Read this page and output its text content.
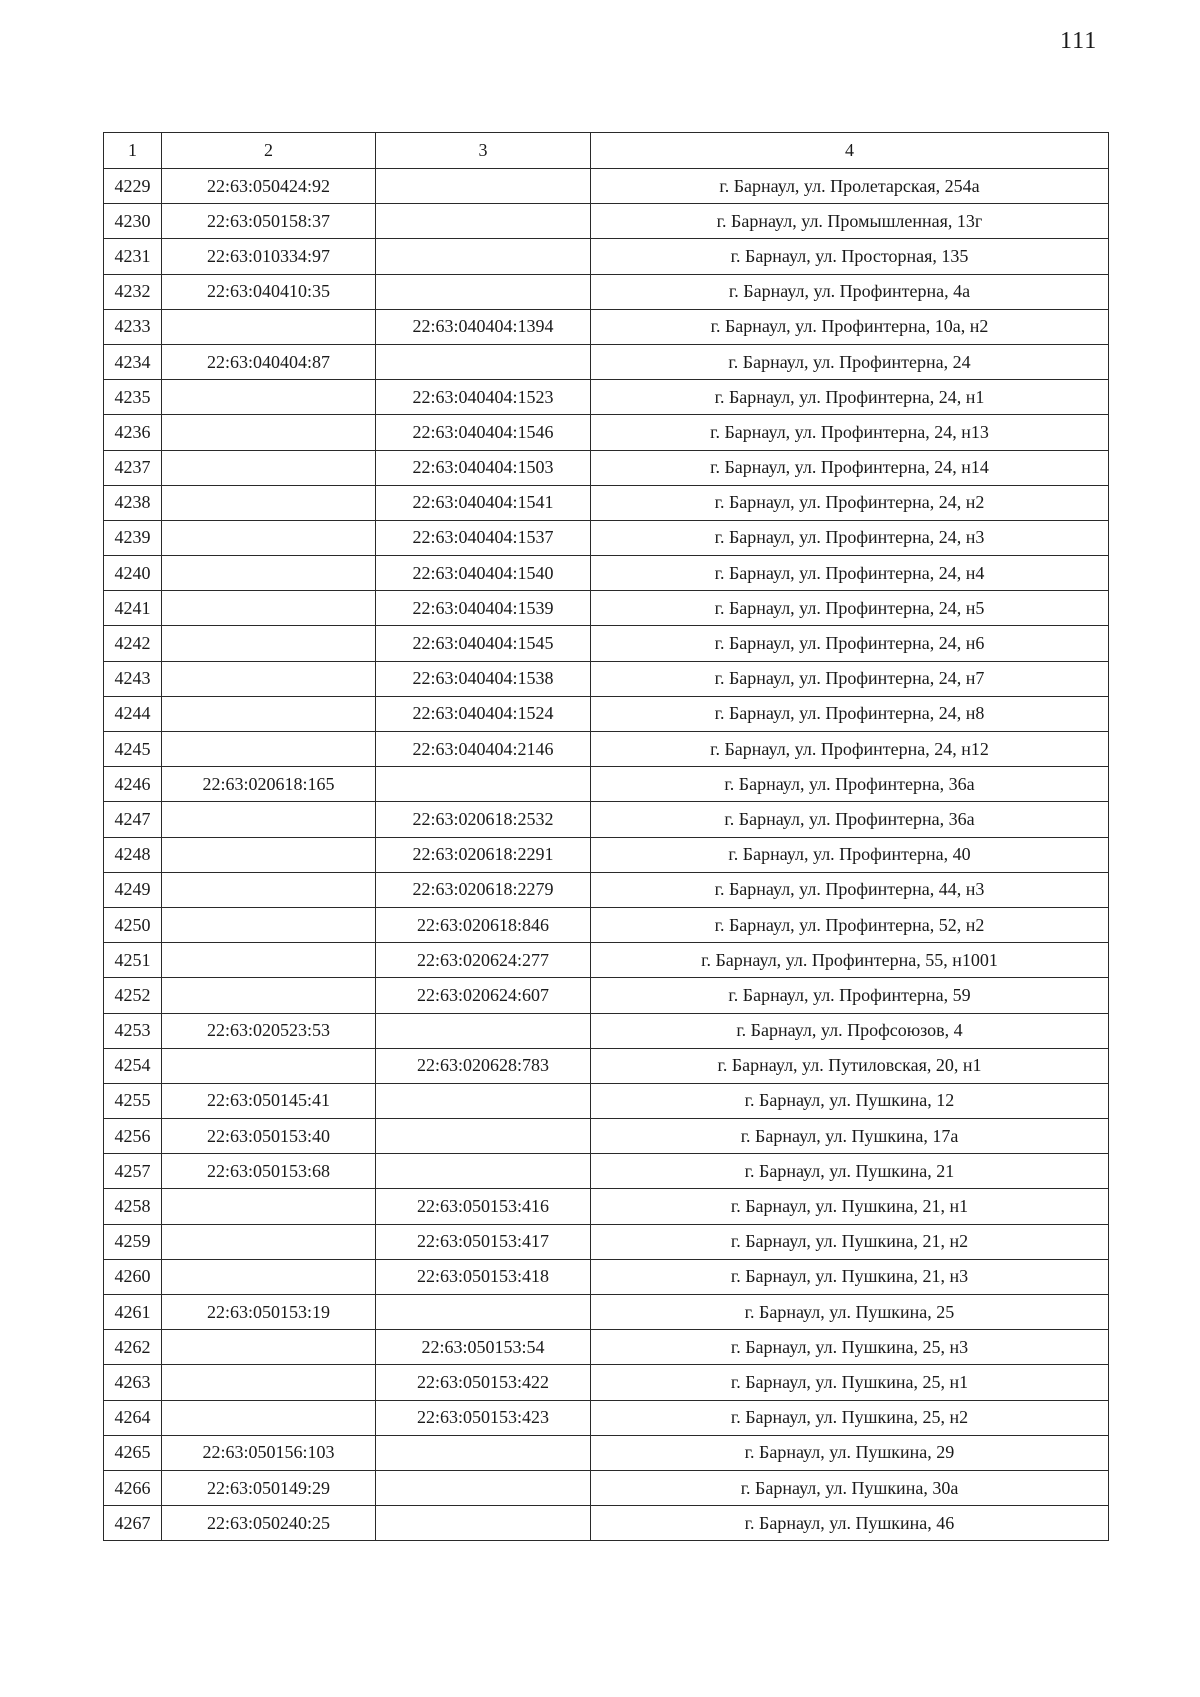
111
1	2	3	4
4229	22:63:050424:92		г. Барнаул, ул. Пролетарская, 254а
4230	22:63:050158:37		г. Барнаул, ул. Промышленная, 13г
4231	22:63:010334:97		г. Барнаул, ул. Просторная, 135
4232	22:63:040410:35		г. Барнаул, ул. Профинтерна, 4а
4233		22:63:040404:1394	г. Барнаул, ул. Профинтерна, 10а, н2
4234	22:63:040404:87		г. Барнаул, ул. Профинтерна, 24
4235		22:63:040404:1523	г. Барнаул, ул. Профинтерна, 24, н1
4236		22:63:040404:1546	г. Барнаул, ул. Профинтерна, 24, н13
4237		22:63:040404:1503	г. Барнаул, ул. Профинтерна, 24, н14
4238		22:63:040404:1541	г. Барнаул, ул. Профинтерна, 24, н2
4239		22:63:040404:1537	г. Барнаул, ул. Профинтерна, 24, н3
4240		22:63:040404:1540	г. Барнаул, ул. Профинтерна, 24, н4
4241		22:63:040404:1539	г. Барнаул, ул. Профинтерна, 24, н5
4242		22:63:040404:1545	г. Барнаул, ул. Профинтерна, 24, н6
4243		22:63:040404:1538	г. Барнаул, ул. Профинтерна, 24, н7
4244		22:63:040404:1524	г. Барнаул, ул. Профинтерна, 24, н8
4245		22:63:040404:2146	г. Барнаул, ул. Профинтерна, 24, н12
4246	22:63:020618:165		г. Барнаул, ул. Профинтерна, 36а
4247		22:63:020618:2532	г. Барнаул, ул. Профинтерна, 36а
4248		22:63:020618:2291	г. Барнаул, ул. Профинтерна, 40
4249		22:63:020618:2279	г. Барнаул, ул. Профинтерна, 44, н3
4250		22:63:020618:846	г. Барнаул, ул. Профинтерна, 52, н2
4251		22:63:020624:277	г. Барнаул, ул. Профинтерна, 55, н1001
4252		22:63:020624:607	г. Барнаул, ул. Профинтерна, 59
4253	22:63:020523:53		г. Барнаул, ул. Профсоюзов, 4
4254		22:63:020628:783	г. Барнаул, ул. Путиловская, 20, н1
4255	22:63:050145:41		г. Барнаул, ул. Пушкина, 12
4256	22:63:050153:40		г. Барнаул, ул. Пушкина, 17а
4257	22:63:050153:68		г. Барнаул, ул. Пушкина, 21
4258		22:63:050153:416	г. Барнаул, ул. Пушкина, 21, н1
4259		22:63:050153:417	г. Барнаул, ул. Пушкина, 21, н2
4260		22:63:050153:418	г. Барнаул, ул. Пушкина, 21, н3
4261	22:63:050153:19		г. Барнаул, ул. Пушкина, 25
4262		22:63:050153:54	г. Барнаул, ул. Пушкина, 25, н3
4263		22:63:050153:422	г. Барнаул, ул. Пушкина, 25, н1
4264		22:63:050153:423	г. Барнаул, ул. Пушкина, 25, н2
4265	22:63:050156:103		г. Барнаул, ул. Пушкина, 29
4266	22:63:050149:29		г. Барнаул, ул. Пушкина, 30а
4267	22:63:050240:25		г. Барнаул, ул. Пушкина, 46
